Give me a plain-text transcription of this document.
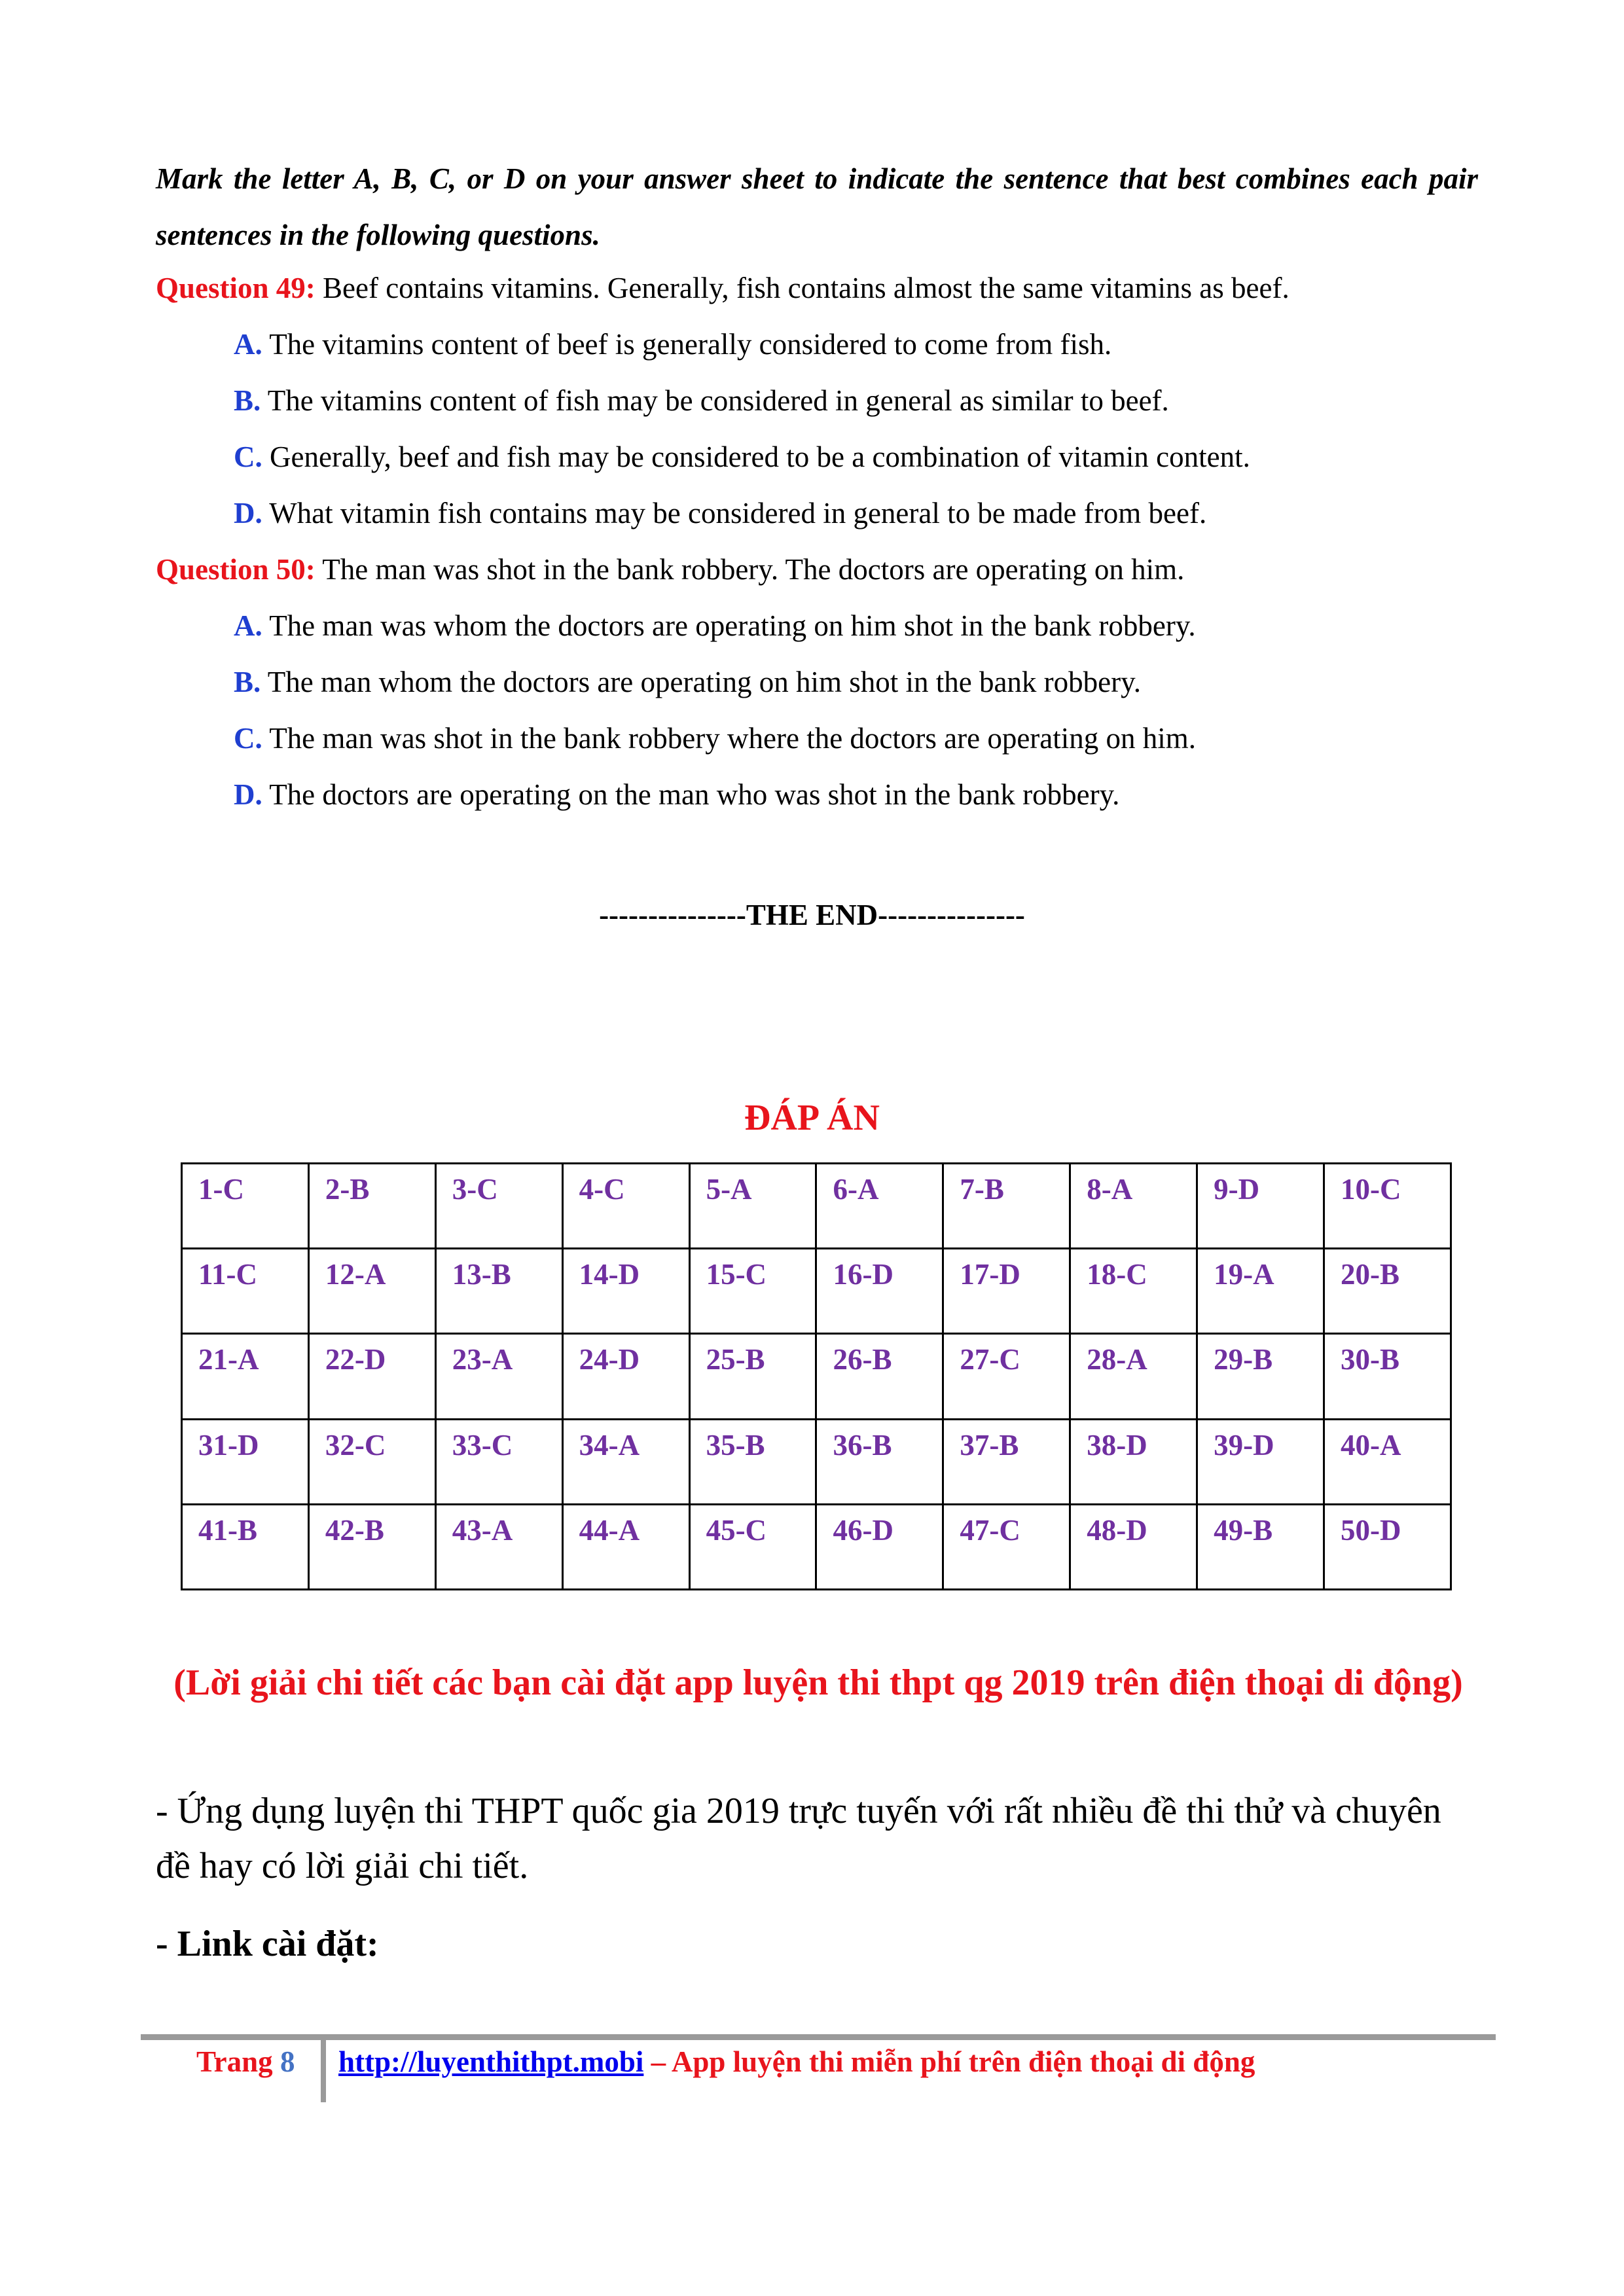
Mark the letter A, B, C, or D on your answer sheet to indicate the sentence that best combines each pair sentences in the following questions.
Question 49: Beef contains vitamins. Generally, fish contains almost the same vitamins as beef.
A. The vitamins content of beef is generally considered to come from fish.
B. The vitamins content of fish may be considered in general as similar to beef.
C. Generally, beef and fish may be considered to be a combination of vitamin content.
D. What vitamin fish contains may be considered in general to be made from beef.
Question 50: The man was shot in the bank robbery. The doctors are operating on him.
A. The man was whom the doctors are operating on him shot in the bank robbery.
B. The man whom the doctors are operating on him shot in the bank robbery.
C. The man was shot in the bank robbery where the doctors are operating on him.
D. The doctors are operating on the man who was shot in the bank robbery.
---------------THE END---------------
ĐÁP ÁN
1-C	2-B	3-C	4-C	5-A	6-A	7-B	8-A	9-D	10-C
11-C	12-A	13-B	14-D	15-C	16-D	17-D	18-C	19-A	20-B
21-A	22-D	23-A	24-D	25-B	26-B	27-C	28-A	29-B	30-B
31-D	32-C	33-C	34-A	35-B	36-B	37-B	38-D	39-D	40-A
41-B	42-B	43-A	44-A	45-C	46-D	47-C	48-D	49-B	50-D
(Lời giải chi tiết các bạn cài đặt app luyện thi thpt qg 2019 trên điện thoại di động)
- Ứng dụng luyện thi THPT quốc gia 2019 trực tuyến với rất nhiều đề thi thử và chuyên đề hay có lời giải chi tiết.
- Link cài đặt:
Trang 8 http://luyenthithpt.mobi – App luyện thi miễn phí trên điện thoại di động
